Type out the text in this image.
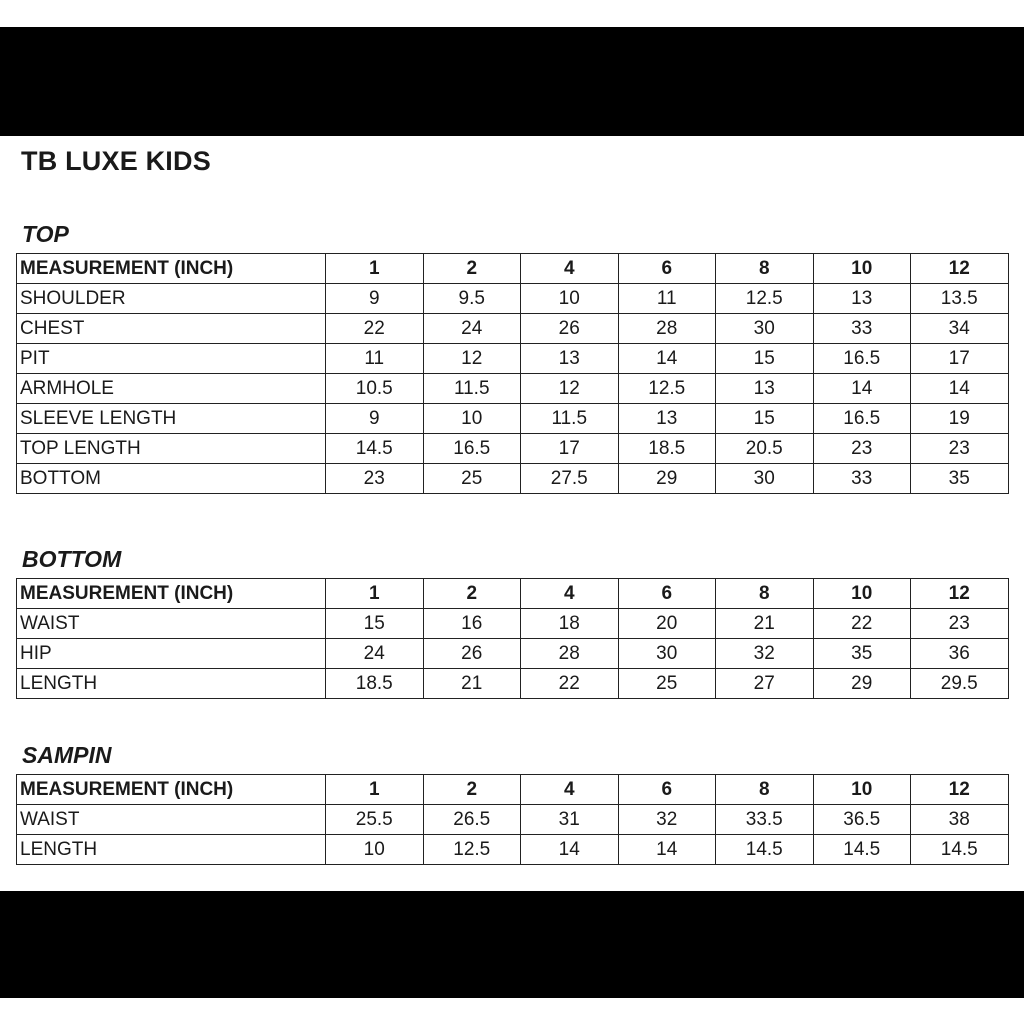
TB LUXE KIDS
TOP
MEASUREMENT (INCH)	1	2	4	6	8	10	12
SHOULDER	9	9.5	10	11	12.5	13	13.5
CHEST	22	24	26	28	30	33	34
PIT	11	12	13	14	15	16.5	17
ARMHOLE	10.5	11.5	12	12.5	13	14	14
SLEEVE LENGTH	9	10	11.5	13	15	16.5	19
TOP LENGTH	14.5	16.5	17	18.5	20.5	23	23
BOTTOM	23	25	27.5	29	30	33	35
BOTTOM
MEASUREMENT (INCH)	1	2	4	6	8	10	12
WAIST	15	16	18	20	21	22	23
HIP	24	26	28	30	32	35	36
LENGTH	18.5	21	22	25	27	29	29.5
SAMPIN
MEASUREMENT (INCH)	1	2	4	6	8	10	12
WAIST	25.5	26.5	31	32	33.5	36.5	38
LENGTH	10	12.5	14	14	14.5	14.5	14.5
